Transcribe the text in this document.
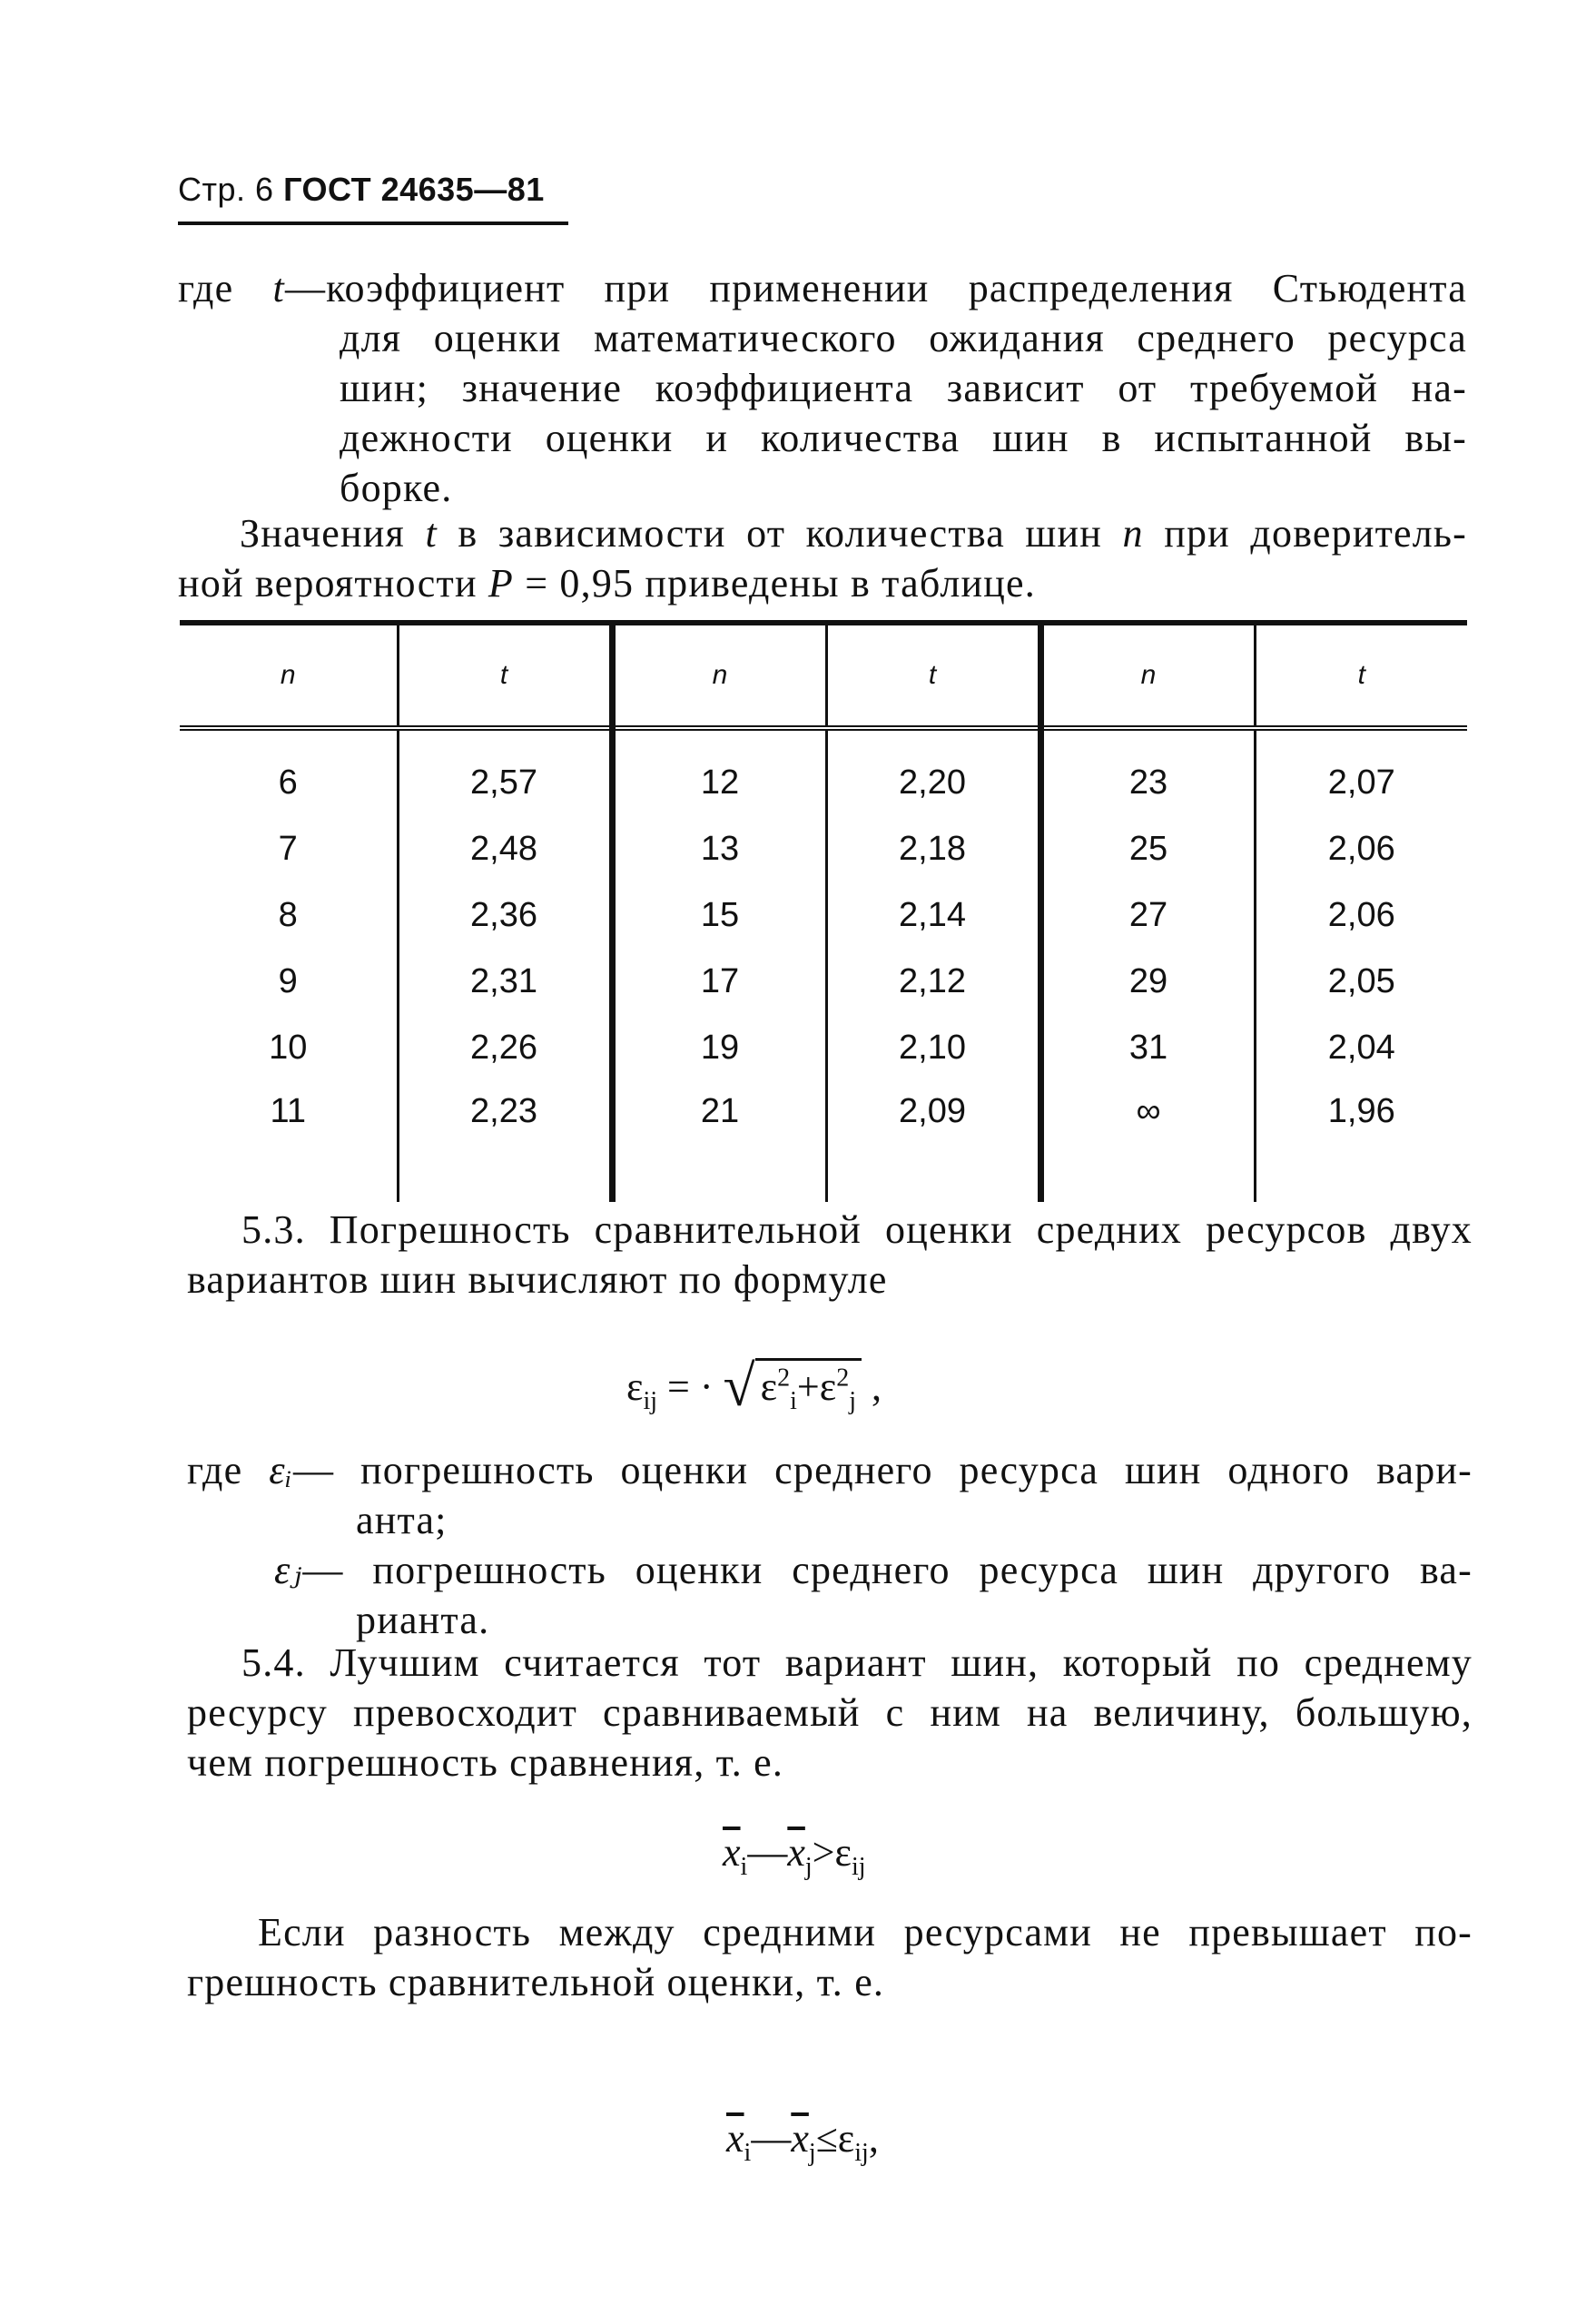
Стр. 6 ГОСТ 24635—81
где t—коэффициент при применении распределения Стьюдента
для оценки математического ожидания среднего ресурса
шин; значение коэффициента зависит от требуемой на-
дежности оценки и количества шин в испытанной вы-
борке.
Значения t в зависимости от количества шин n при доверитель-
ной вероятности P = 0,95 приведены в таблице.
n	t	n	t	n	t
6	2,57	12	2,20	23	2,07
7	2,48	13	2,18	25	2,06
8	2,36	15	2,14	27	2,06
9	2,31	17	2,12	29	2,05
10	2,26	19	2,10	31	2,04
11	2,23	21	2,09	∞	1,96
5.3. Погрешность сравнительной оценки средних ресурсов двух
вариантов шин вычисляют по формуле
$\varepsilon_{ij}$ = · √ $\varepsilon^2_i+\varepsilon^2_j$ ,
где εᵢ— погрешность оценки среднего ресурса шин одного вари-
анта;
εⱼ— погрешность оценки среднего ресурса шин другого ва-
рианта.
5.4. Лучшим считается тот вариант шин, который по среднему
ресурсу превосходит сравниваемый с ним на величину, большую,
чем погрешность сравнения, т. е.
$\overline{x}_i—\overline{x}_j>\varepsilon_{ij}$
Если разность между средними ресурсами не превышает по-
грешность сравнительной оценки, т. е.
$\overline{x}_i—\overline{x}_j\le\varepsilon_{ij}$,
